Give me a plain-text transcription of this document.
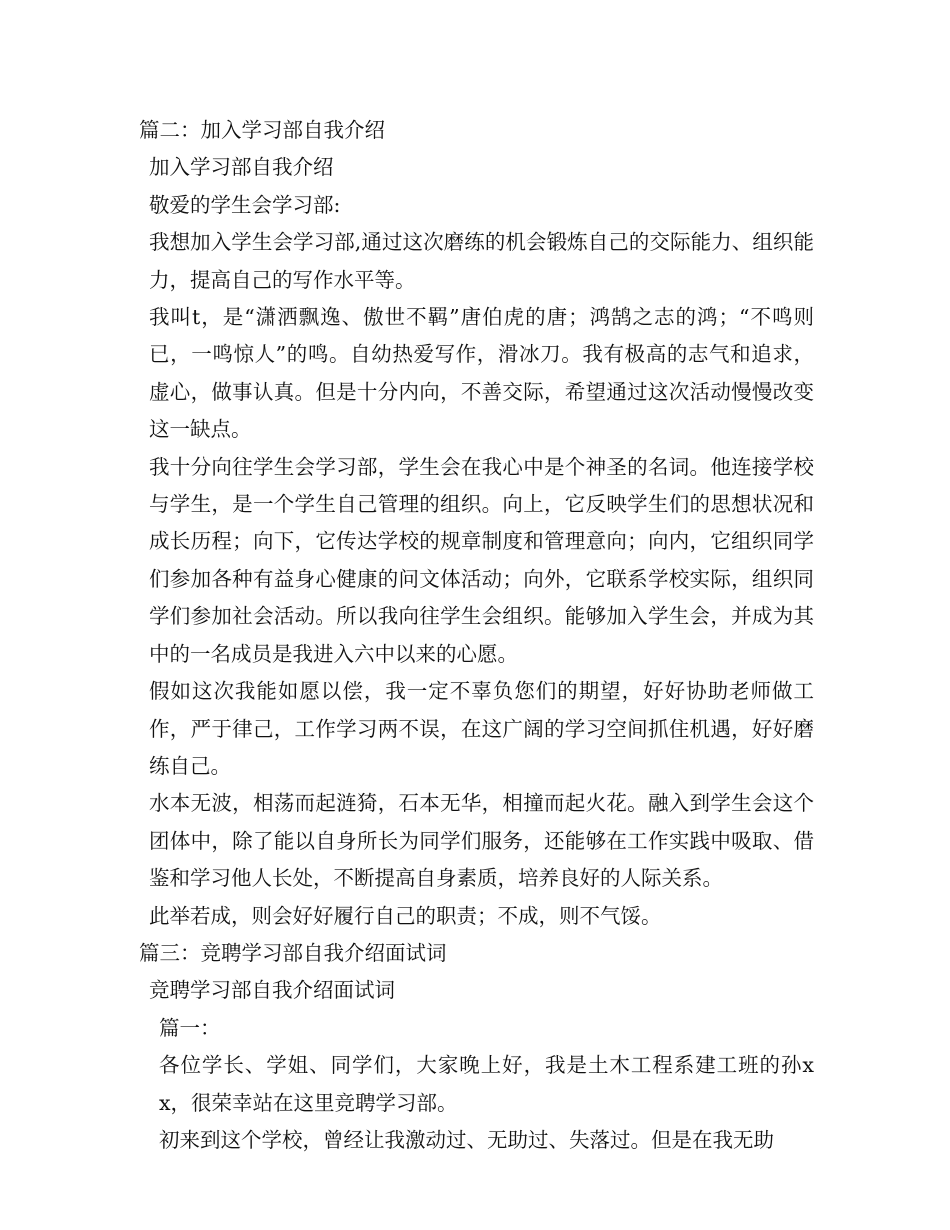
篇二：加入学习部自我介绍

加入学习部自我介绍

敬爱的学生会学习部:

我想加入学生会学习部,通过这次磨练的机会锻炼自己的交际能力、组织能力，提高自己的写作水平等。

我叫t，是“潇洒飘逸、傲世不羁”唐伯虎的唐；鸿鹄之志的鸿；“不鸣则已，一鸣惊人”的鸣。自幼热爱写作，滑冰刀。我有极高的志气和追求，虚心，做事认真。但是十分内向，不善交际，希望通过这次活动慢慢改变这一缺点。

我十分向往学生会学习部，学生会在我心中是个神圣的名词。他连接学校与学生，是一个学生自己管理的组织。向上，它反映学生们的思想状况和成长历程；向下，它传达学校的规章制度和管理意向；向内，它组织同学们参加各种有益身心健康的问文体活动；向外，它联系学校实际，组织同学们参加社会活动。所以我向往学生会组织。能够加入学生会，并成为其中的一名成员是我进入六中以来的心愿。

假如这次我能如愿以偿，我一定不辜负您们的期望，好好协助老师做工作，严于律己，工作学习两不误，在这广阔的学习空间抓住机遇，好好磨练自己。

水本无波，相荡而起涟猗，石本无华，相撞而起火花。融入到学生会这个团体中，除了能以自身所长为同学们服务，还能够在工作实践中吸取、借鉴和学习他人长处，不断提高自身素质，培养良好的人际关系。

此举若成，则会好好履行自己的职责；不成，则不气馁。

篇三：竞聘学习部自我介绍面试词

竞聘学习部自我介绍面试词

篇一：

各位学长、学姐、同学们，大家晚上好，我是土木工程系建工班的孙xx，很荣幸站在这里竞聘学习部。

初来到这个学校，曾经让我激动过、无助过、失落过。但是在我无助
